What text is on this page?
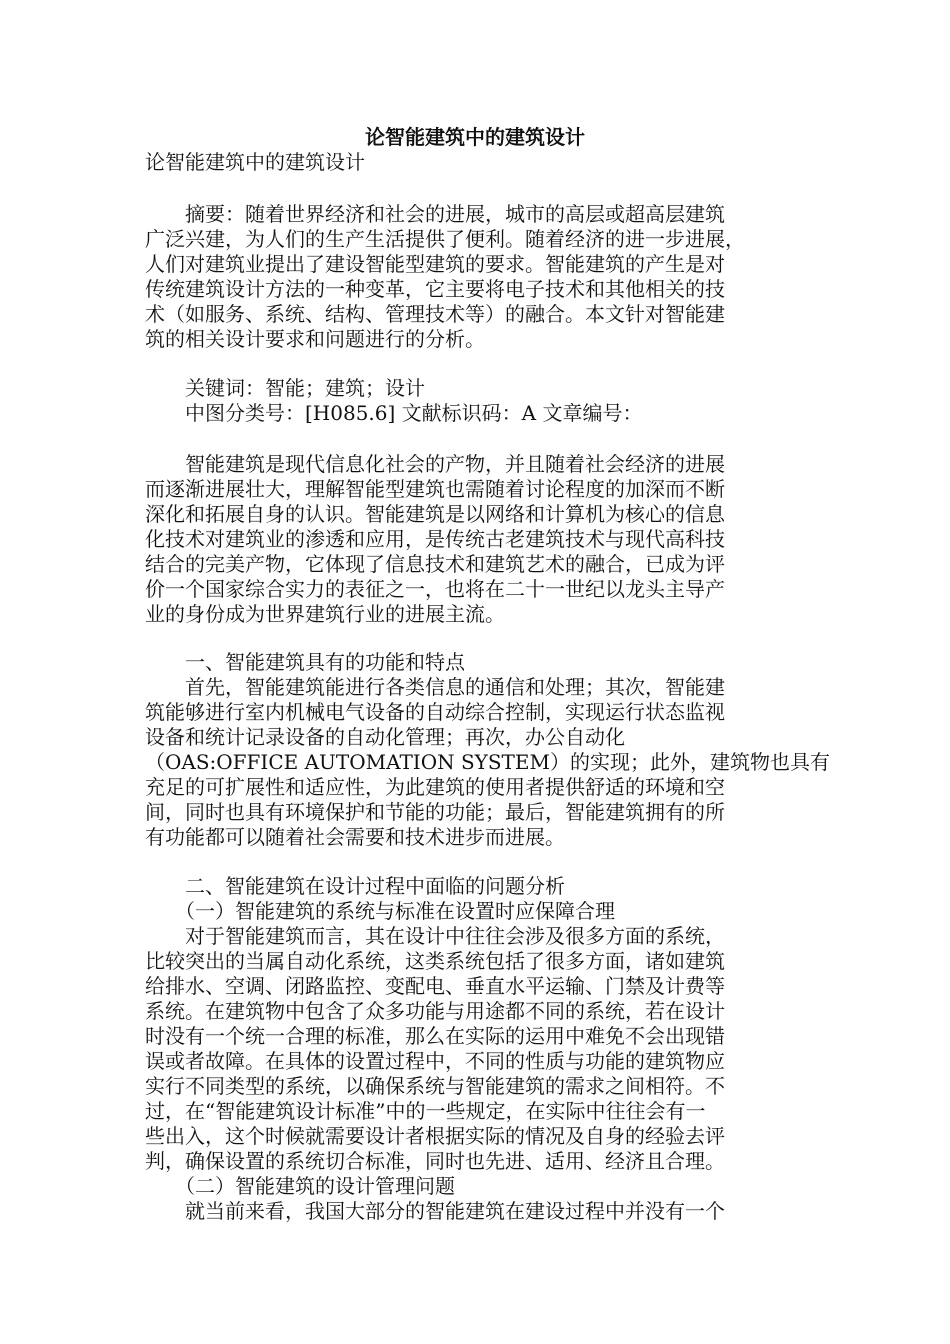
论智能建筑中的建筑设计
论智能建筑中的建筑设计
　　摘要：随着世界经济和社会的进展，城市的高层或超高层建筑
广泛兴建，为人们的生产生活提供了便利。随着经济的进一步进展，
人们对建筑业提出了建设智能型建筑的要求。智能建筑的产生是对
传统建筑设计方法的一种变革，它主要将电子技术和其他相关的技
术（如服务、系统、结构、管理技术等）的融合。本文针对智能建
筑的相关设计要求和问题进行的分析。
　　关键词：智能；建筑；设计
　　中图分类号：[H085.6] 文献标识码：A 文章编号：
　　智能建筑是现代信息化社会的产物，并且随着社会经济的进展
而逐渐进展壮大，理解智能型建筑也需随着讨论程度的加深而不断
深化和拓展自身的认识。智能建筑是以网络和计算机为核心的信息
化技术对建筑业的渗透和应用，是传统古老建筑技术与现代高科技
结合的完美产物，它体现了信息技术和建筑艺术的融合，已成为评
价一个国家综合实力的表征之一，也将在二十一世纪以龙头主导产
业的身份成为世界建筑行业的进展主流。
　　一、智能建筑具有的功能和特点
　　首先，智能建筑能进行各类信息的通信和处理；其次，智能建
筑能够进行室内机械电气设备的自动综合控制，实现运行状态监视
设备和统计记录设备的自动化管理；再次，办公自动化
（OAS:OFFICE AUTOMATION SYSTEM）的实现；此外，建筑物也具有
充足的可扩展性和适应性，为此建筑的使用者提供舒适的环境和空
间，同时也具有环境保护和节能的功能；最后，智能建筑拥有的所
有功能都可以随着社会需要和技术进步而进展。
　　二、智能建筑在设计过程中面临的问题分析
　　（一）智能建筑的系统与标准在设置时应保障合理
　　对于智能建筑而言，其在设计中往往会涉及很多方面的系统，
比较突出的当属自动化系统，这类系统包括了很多方面，诸如建筑
给排水、空调、闭路监控、变配电、垂直水平运输、门禁及计费等
系统。在建筑物中包含了众多功能与用途都不同的系统，若在设计
时没有一个统一合理的标准，那么在实际的运用中难免不会出现错
误或者故障。在具体的设置过程中，不同的性质与功能的建筑物应
实行不同类型的系统，以确保系统与智能建筑的需求之间相符。不
过，在“智能建筑设计标准”中的一些规定，在实际中往往会有一
些出入，这个时候就需要设计者根据实际的情况及自身的经验去评
判，确保设置的系统切合标准，同时也先进、适用、经济且合理。
　　（二）智能建筑的设计管理问题
　　就当前来看，我国大部分的智能建筑在建设过程中并没有一个
